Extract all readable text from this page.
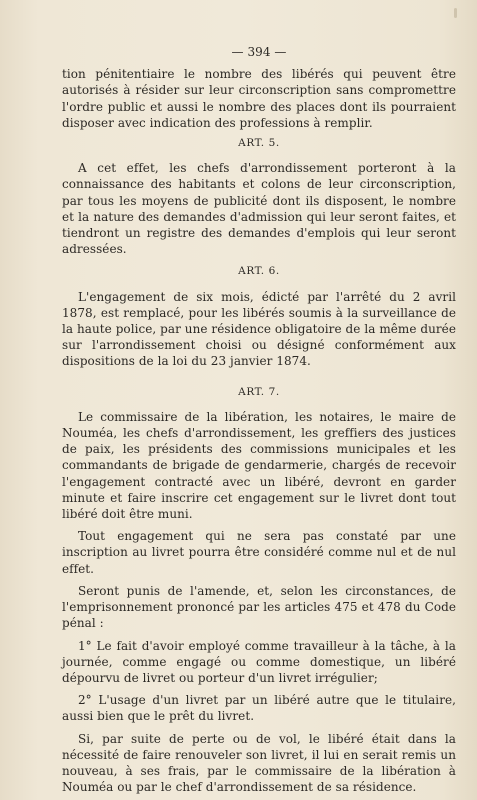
— 394 —

tion pénitentiaire le nombre des libérés qui peuvent être autorisés à résider sur leur circonscription sans compromettre l'ordre public et aussi le nombre des places dont ils pourraient disposer avec indication des professions à remplir.

ART. 5.

A cet effet, les chefs d'arrondissement porteront à la connaissance des habitants et colons de leur circonscription, par tous les moyens de publicité dont ils disposent, le nombre et la nature des demandes d'admission qui leur seront faites, et tiendront un registre des demandes d'emplois qui leur seront adressées.

ART. 6.

L'engagement de six mois, édicté par l'arrêté du 2 avril 1878, est remplacé, pour les libérés soumis à la surveillance de la haute police, par une résidence obligatoire de la même durée sur l'arrondissement choisi ou désigné conformément aux dispositions de la loi du 23 janvier 1874.

ART. 7.

Le commissaire de la libération, les notaires, le maire de Nouméa, les chefs d'arrondissement, les greffiers des justices de paix, les présidents des commissions municipales et les commandants de brigade de gendarmerie, chargés de recevoir l'engagement contracté avec un libéré, devront en garder minute et faire inscrire cet engagement sur le livret dont tout libéré doit être muni.

Tout engagement qui ne sera pas constaté par une inscription au livret pourra être considéré comme nul et de nul effet.

Seront punis de l'amende, et, selon les circonstances, de l'emprisonnement prononcé par les articles 475 et 478 du Code pénal :

1° Le fait d'avoir employé comme travailleur à la tâche, à la journée, comme engagé ou comme domestique, un libéré dépourvu de livret ou porteur d'un livret irrégulier;

2° L'usage d'un livret par un libéré autre que le titulaire, aussi bien que le prêt du livret.

Si, par suite de perte ou de vol, le libéré était dans la nécessité de faire renouveler son livret, il lui en serait remis un nouveau, à ses frais, par le commissaire de la libération à Nouméa ou par le chef d'arrondissement de sa résidence.
